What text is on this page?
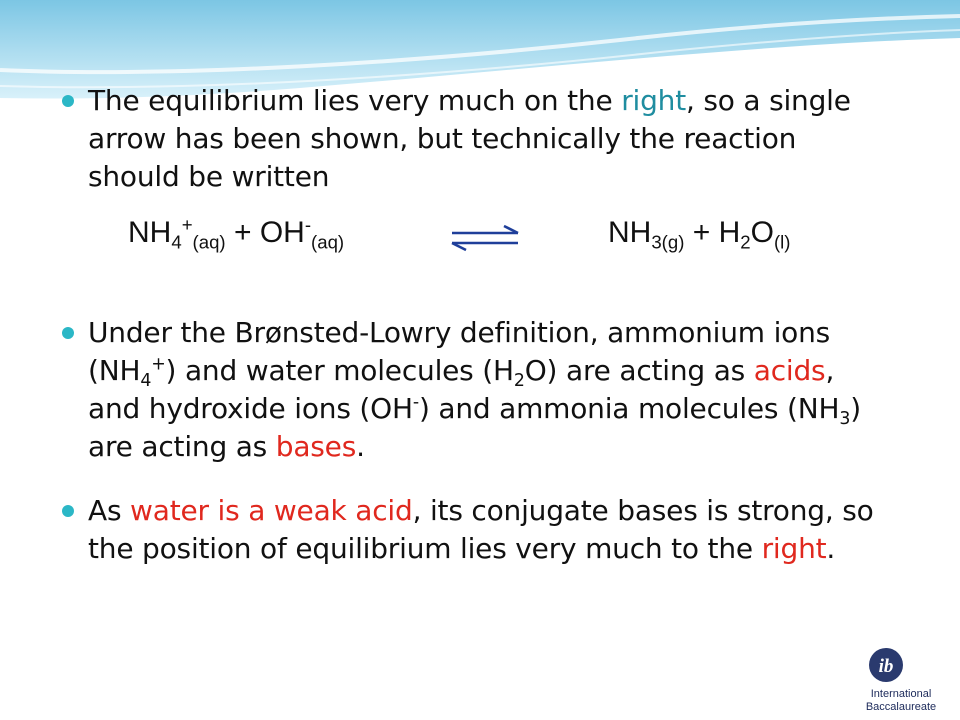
The equilibrium lies very much on the right, so a single arrow has been shown, but technically the reaction should be written
$NH_4^+_{(aq)} + OH^-_{(aq)}$	$NH_{3(g)} + H_2O_{(l)}$
Under the Brønsted-Lowry definition, ammonium ions $(NH_4^+)$ and water molecules $(H_2O)$ are acting as acids, and hydroxide ions (OH-) and ammonia molecules $(NH_3)$ are acting as bases.
As water is a weak acid, its conjugate bases is strong, so the position of equilibrium lies very much to the right.
ib
International
Baccalaureate
